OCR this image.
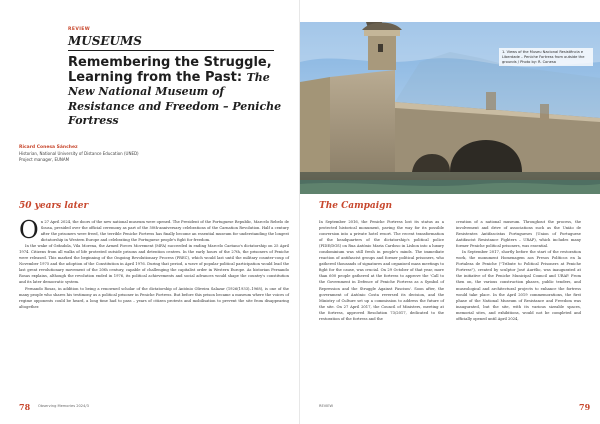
REVIEW
MUSEUMS
Remembering the Struggle, Learning from the Past: The New National Museum of Resistance and Freedom – Peniche Fortress
Ricard Conesa Sánchez
Historian, National University of Distance Education (UNED)
Project manager, EUNAM
50 years later

On 27 April 2024, the doors of the new national museum were opened. The President of the Portuguese Republic, Marcelo Rebelo de Sousa, presided over the official ceremony as part of the 50th-anniversary celebrations of the Carnation Revolution. Half a century after the prisoners were freed, the terrible Peniche Fortress has finally become an essential museum for understanding the longest dictatorship in Western Europe and celebrating the Portuguese people's fight for freedom.

In the wake of Grândola, Vila Morena, the Armed Forces Movement (MFA) succeeded in ending Marcelo Caetano's dictatorship on 25 April 1974. Citizens from all walks of life protested outside prisons and detention centres. In the early hours of the 27th, the prisoners of Peniche were released. This marked the beginning of the Ongoing Revolutionary Process (PREC), which would last until the military counter-coup of November 1975 and the adoption of the Constitution in April 1976. During that period, a wave of popular political participation would lead the last great revolutionary movement of the 20th century, capable of challenging the capitalist order in Western Europe. As historian Fernando Rosas explains, although the revolution ended in 1976, its political achievements and social advances would shape the country's constitution and its later democratic system.

Fernando Rosas, in addition to being a renowned scholar of the dictatorship of António Oliveira Salazar (1926(1933)–1968), is one of the many people who shares his testimony as a political prisoner in Peniche Fortress. But before this prison became a museum where the voices of regime opponents could be heard, a long time had to pass – years of citizen protests and mobilisation to prevent the site from disappearing altogether.

78 Observing Memories 2024/3
1. Views of the Museu Nacional Resistência e Liberdade – Peniche Fortress from outside the grounds / Photo by: R. Conesa
The Campaign

In September 2016, the Peniche Fortress lost its status as a protected historical monument, paving the way for its possible conversion into a private hotel resort. The recent transformation of the headquarters of the dictatorship's political police (PIDE/DGS) on Rua António Maria Cardoso in Lisbon into a luxury condominium was still fresh in people's minds. The immediate reaction of antifascist groups and former political prisoners, who gathered thousands of signatures and organised mass meetings to fight for the cause, was crucial. On 29 October of that year, more than 600 people gathered at the fortress to approve the 'Call to the Government in Defence of Peniche Fortress as a Symbol of Repression and the Struggle Against Fascism'. Soon after, the government of António Costa reversed its decision, and the Ministry of Culture set up a commission to address the future of the site. On 27 April 2017, the Council of Ministers, meeting at the fortress, approved Resolution 73/2017, dedicated to the restoration of the fortress and the

creation of a national museum. Throughout the process, the involvement and drive of associations such as the União de Resistentes Antifascistas Portugueses (Union of Portuguese Antifascist Resistance Fighters – URAP), which includes many former Peniche political prisoners, was essential.

In September 2017, shortly before the start of the restoration work, the monument Homenagem aos Presos Políticos en la Fortaleza de Peniche ("Tribute to Political Prisoners at Peniche Fortress"), created by sculptor José Aurélio, was inaugurated at the initiative of the Peniche Municipal Council and URAP. From then on, the various construction phases, public tenders, and museological and architectural projects to enhance the fortress would take place. In the April 2019 commemorations, the first phase of the National Museum of Resistance and Freedom was inaugurated, but the site, with its various sizeable spaces, memorial sites, and exhibitions, would not be completed and officially opened until April 2024,

79
REVIEW
